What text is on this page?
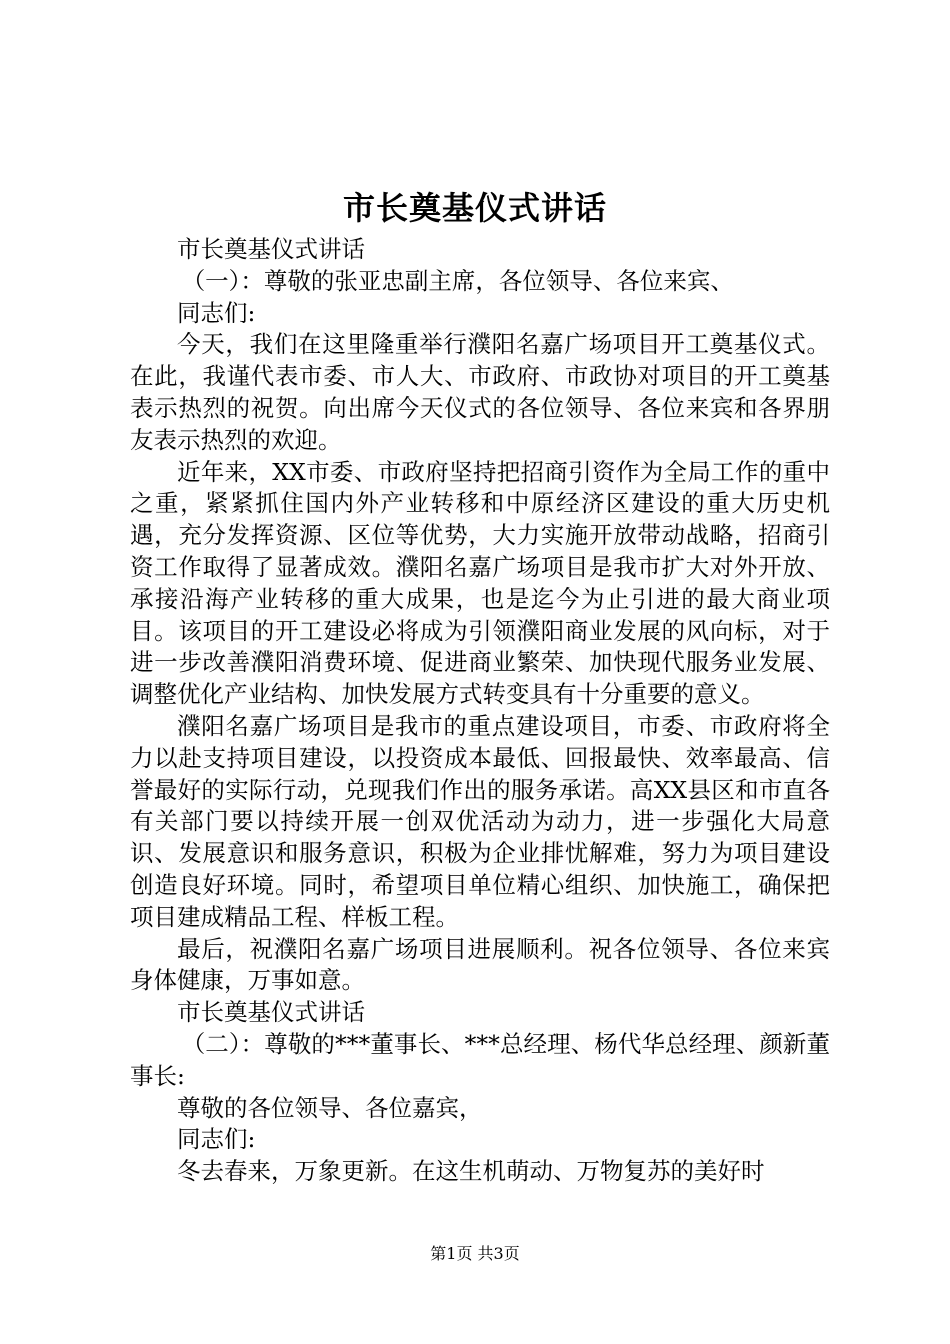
市长奠基仪式讲话

市长奠基仪式讲话

（一）：尊敬的张亚忠副主席，各位领导、各位来宾、

同志们:

今天，我们在这里隆重举行濮阳名嘉广场项目开工奠基仪式。在此，我谨代表市委、市人大、市政府、市政协对项目的开工奠基表示热烈的祝贺。向出席今天仪式的各位领导、各位来宾和各界朋友表示热烈的欢迎。

近年来，XX市委、市政府坚持把招商引资作为全局工作的重中之重，紧紧抓住国内外产业转移和中原经济区建设的重大历史机遇，充分发挥资源、区位等优势，大力实施开放带动战略，招商引资工作取得了显著成效。濮阳名嘉广场项目是我市扩大对外开放、承接沿海产业转移的重大成果，也是迄今为止引进的最大商业项目。该项目的开工建设必将成为引领濮阳商业发展的风向标，对于进一步改善濮阳消费环境、促进商业繁荣、加快现代服务业发展、调整优化产业结构、加快发展方式转变具有十分重要的意义。

濮阳名嘉广场项目是我市的重点建设项目，市委、市政府将全力以赴支持项目建设，以投资成本最低、回报最快、效率最高、信誉最好的实际行动，兑现我们作出的服务承诺。高XX县区和市直各有关部门要以持续开展一创双优活动为动力，进一步强化大局意识、发展意识和服务意识，积极为企业排忧解难，努力为项目建设创造良好环境。同时，希望项目单位精心组织、加快施工，确保把项目建成精品工程、样板工程。

最后，祝濮阳名嘉广场项目进展顺利。祝各位领导、各位来宾身体健康，万事如意。

市长奠基仪式讲话

（二）：尊敬的***董事长、***总经理、杨代华总经理、颜新董事长:

尊敬的各位领导、各位嘉宾，

同志们:

冬去春来，万象更新。在这生机萌动、万物复苏的美好时

第1页 共3页
